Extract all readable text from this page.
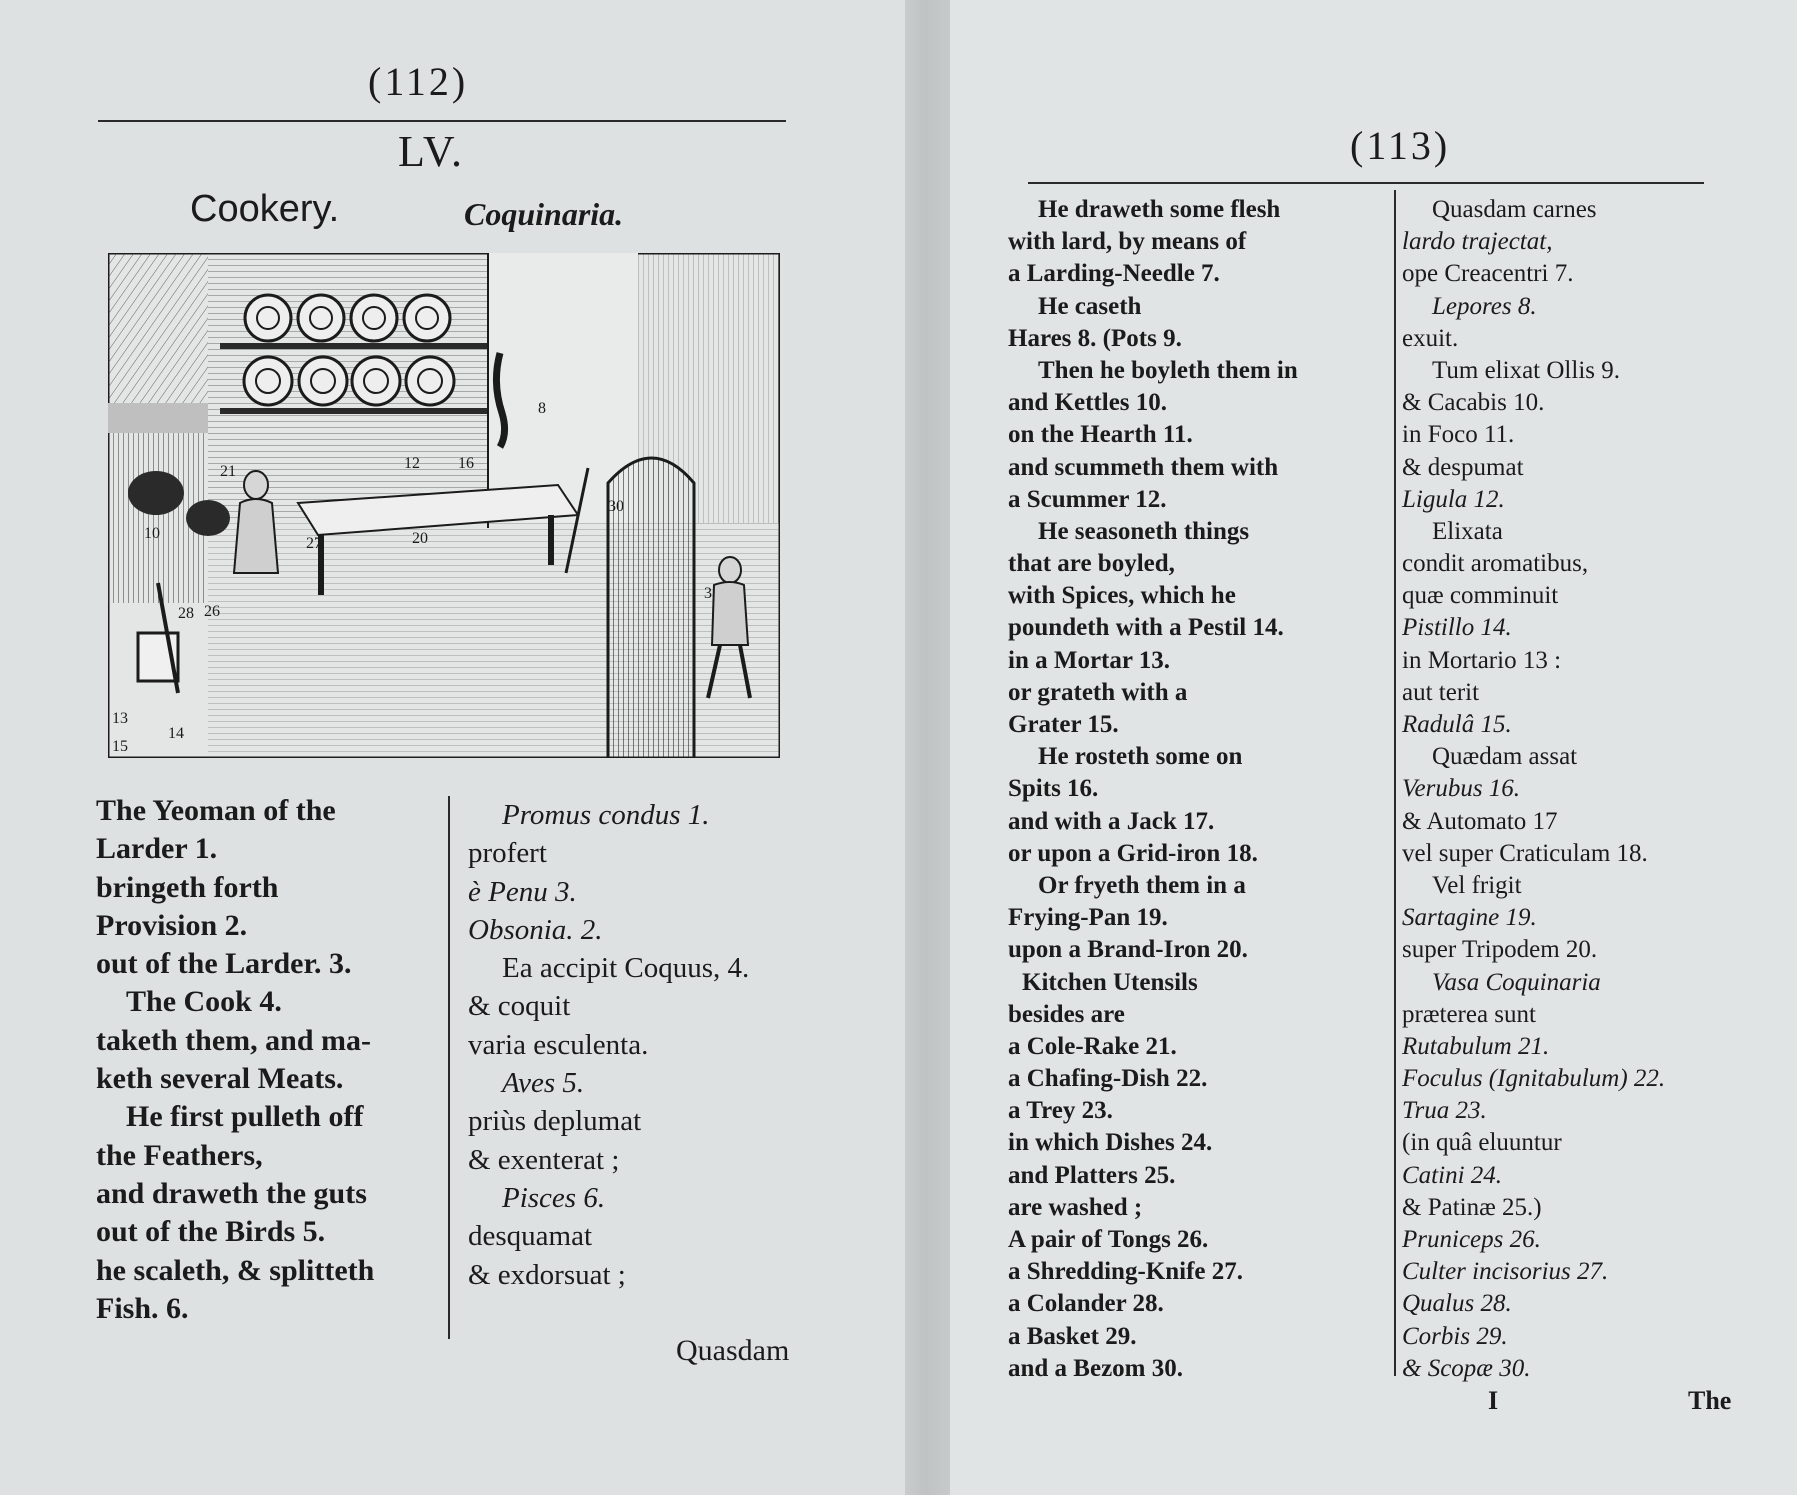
(112)
LV.
Cookery.	Coquinaria.
10
8
30
21	12 16
20
27
28 26
13
14
15
3
The Yeoman of the
Larder 1.
bringeth forth
Provision 2.
out of the Larder. 3.
The Cook 4.
taketh them, and ma-
keth several Meats.
He first pulleth off
the Feathers,
and draweth the guts
out of the Birds 5.
he scaleth, & splitteth
Fish. 6.
Promus condus 1.
profert
è Penu 3.
Obsonia. 2.
Ea accipit Coquus, 4.
& coquit
varia esculenta.
Aves 5.
priùs deplumat
& exenterat ;
Pisces 6.
desquamat
& exdorsuat ;
Quasdam
(113)
He draweth some flesh
with lard, by means of
a Larding-Needle 7.
He caseth
Hares 8. (Pots 9.
Then he boyleth them in
and Kettles 10.
on the Hearth 11.
and scummeth them with
a Scummer 12.
He seasoneth things
that are boyled,
with Spices, which he
poundeth with a Pestil 14.
in a Mortar 13.
or grateth with a
Grater 15.
He rosteth some on
Spits 16.
and with a Jack 17.
or upon a Grid-iron 18.
Or fryeth them in a
Frying-Pan 19.
upon a Brand-Iron 20.
Kitchen Utensils
besides are
a Cole-Rake 21.
a Chafing-Dish 22.
a Trey 23.
in which Dishes 24.
and Platters 25.
are washed ;
A pair of Tongs 26.
a Shredding-Knife 27.
a Colander 28.
a Basket 29.
and a Bezom 30.
Quasdam carnes
lardo trajectat,
ope Creacentri 7.
Lepores 8.
exuit.
Tum elixat Ollis 9.
& Cacabis 10.
in Foco 11.
& despumat
Ligula 12.
Elixata
condit aromatibus,
quæ comminuit
Pistillo 14.
in Mortario 13 :
aut terit
Radulâ 15.
Quædam assat
Verubus 16.
& Automato 17
vel super Craticulam 18.
Vel frigit
Sartagine 19.
super Tripodem 20.
Vasa Coquinaria
præterea sunt
Rutabulum 21.
Foculus (Ignitabulum) 22.
Trua 23.
(in quâ eluuntur
Catini 24.
& Patinæ 25.)
Pruniceps 26.
Culter incisorius 27.
Qualus 28.
Corbis 29.
& Scopæ 30.
I	The
